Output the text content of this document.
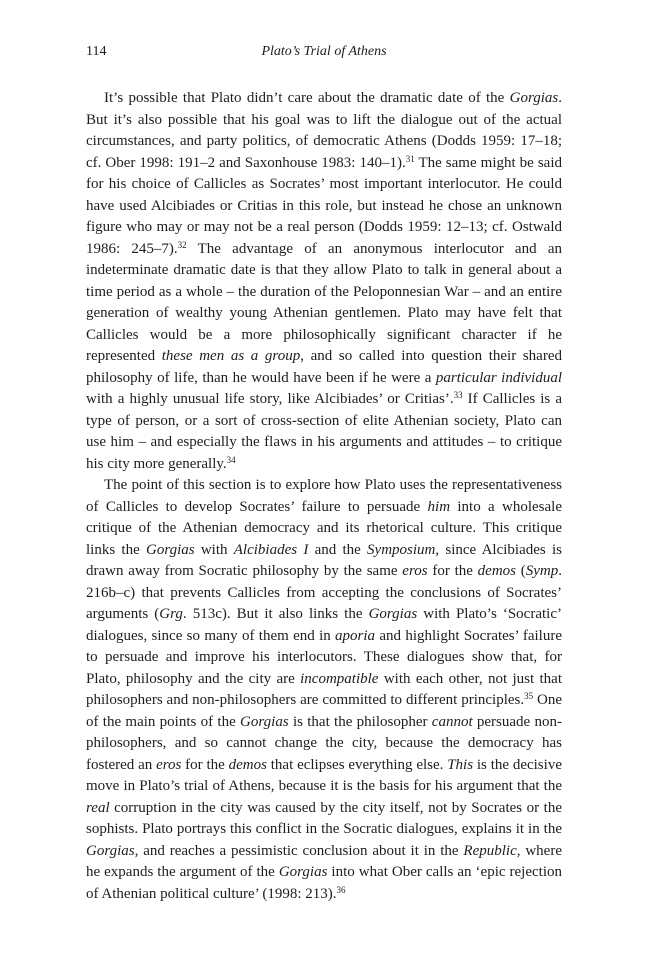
114	Plato’s Trial of Athens

It’s possible that Plato didn’t care about the dramatic date of the Gorgias. But it’s also possible that his goal was to lift the dialogue out of the actual circumstances, and party politics, of democratic Athens (Dodds 1959: 17–18; cf. Ober 1998: 191–2 and Saxonhouse 1983: 140–1).$^{31}$ The same might be said for his choice of Callicles as Socrates’ most important interlocutor. He could have used Alcibiades or Critias in this role, but instead he chose an unknown figure who may or may not be a real person (Dodds 1959: 12–13; cf. Ostwald 1986: 245–7).$^{32}$ The advantage of an anonymous interlocutor and an indeterminate dramatic date is that they allow Plato to talk in general about a time period as a whole – the duration of the Peloponnesian War – and an entire generation of wealthy young Athenian gentlemen. Plato may have felt that Callicles would be a more philosophically significant character if he represented these men as a group, and so called into question their shared philosophy of life, than he would have been if he were a particular individual with a highly unusual life story, like Alcibiades’ or Critias’.$^{33}$ If Callicles is a type of person, or a sort of cross-section of elite Athenian society, Plato can use him – and especially the flaws in his arguments and attitudes – to critique his city more generally.$^{34}$

The point of this section is to explore how Plato uses the representativeness of Callicles to develop Socrates’ failure to persuade him into a wholesale critique of the Athenian democracy and its rhetorical culture. This critique links the Gorgias with Alcibiades I and the Symposium, since Alcibiades is drawn away from Socratic philosophy by the same eros for the demos (Symp. 216b–c) that prevents Callicles from accepting the conclusions of Socrates’ arguments (Grg. 513c). But it also links the Gorgias with Plato’s ‘Socratic’ dialogues, since so many of them end in aporia and highlight Socrates’ failure to persuade and improve his interlocutors. These dialogues show that, for Plato, philosophy and the city are incompatible with each other, not just that philosophers and non-philosophers are committed to different principles.$^{35}$ One of the main points of the Gorgias is that the philosopher cannot persuade non-philosophers, and so cannot change the city, because the democracy has fostered an eros for the demos that eclipses everything else. This is the decisive move in Plato’s trial of Athens, because it is the basis for his argument that the real corruption in the city was caused by the city itself, not by Socrates or the sophists. Plato portrays this conflict in the Socratic dialogues, explains it in the Gorgias, and reaches a pessimistic conclusion about it in the Republic, where he expands the argument of the Gorgias into what Ober calls an ‘epic rejection of Athenian political culture’ (1998: 213).$^{36}$
